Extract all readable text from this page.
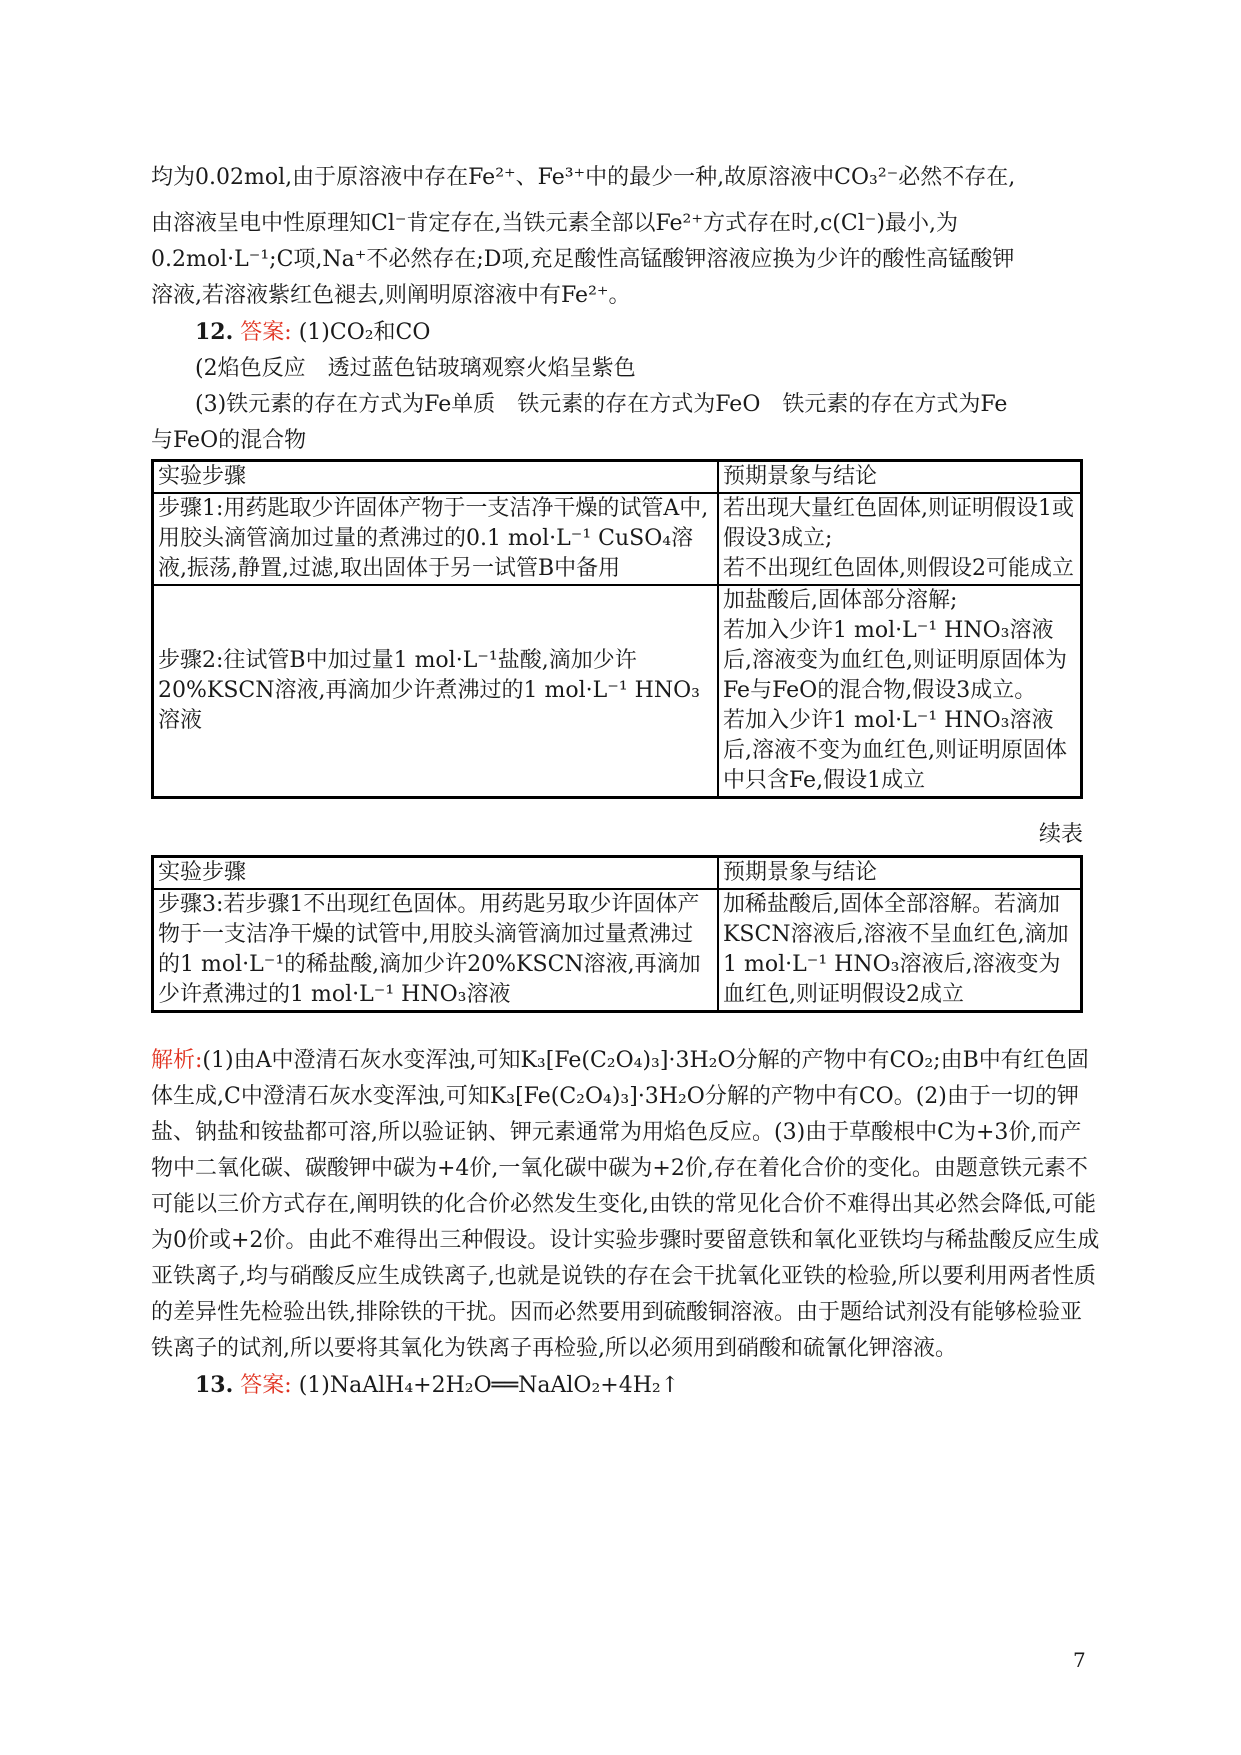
均为0.02mol,由于原溶液中存在Fe²⁺、Fe³⁺中的最少一种,故原溶液中CO₃²⁻必然不存在,

由溶液呈电中性原理知Cl⁻肯定存在,当铁元素全部以Fe²⁺方式存在时,c(Cl⁻)最小,为

0.2mol·L⁻¹;C项,Na⁺不必然存在;D项,充足酸性高锰酸钾溶液应换为少许的酸性高锰酸钾

溶液,若溶液紫红色褪去,则阐明原溶液中有Fe²⁺。

12. 答案: (1)CO₂和CO

(2焰色反应　透过蓝色钴玻璃观察火焰呈紫色

(3)铁元素的存在方式为Fe单质　铁元素的存在方式为FeO　铁元素的存在方式为Fe

与FeO的混合物

实验步骤	预期景象与结论
步骤1:用药匙取少许固体产物于一支洁净干燥的试管A中,用胶头滴管滴加过量的煮沸过的0.1 mol·L⁻¹ CuSO₄溶液,振荡,静置,过滤,取出固体于另一试管B中备用	若出现大量红色固体,则证明假设1或假设3成立;
若不出现红色固体,则假设2可能成立

步骤2:往试管B中加过量1 mol·L⁻¹盐酸,滴加少许20%KSCN溶液,再滴加少许煮沸过的1 mol·L⁻¹ HNO₃溶液	加盐酸后,固体部分溶解;
若加入少许1 mol·L⁻¹ HNO₃溶液后,溶液变为血红色,则证明原固体为Fe与FeO的混合物,假设3成立。
若加入少许1 mol·L⁻¹ HNO₃溶液后,溶液不变为血红色,则证明原固体中只含Fe,假设1成立
续表
实验步骤	预期景象与结论
步骤3:若步骤1不出现红色固体。用药匙另取少许固体产物于一支洁净干燥的试管中,用胶头滴管滴加过量煮沸过的1 mol·L⁻¹的稀盐酸,滴加少许20%KSCN溶液,再滴加少许煮沸过的1 mol·L⁻¹ HNO₃溶液	加稀盐酸后,固体全部溶解。若滴加KSCN溶液后,溶液不呈血红色,滴加1 mol·L⁻¹ HNO₃溶液后,溶液变为血红色,则证明假设2成立

解析:(1)由A中澄清石灰水变浑浊,可知K₃[Fe(C₂O₄)₃]·3H₂O分解的产物中有CO₂;由B中有红色固体生成,C中澄清石灰水变浑浊,可知K₃[Fe(C₂O₄)₃]·3H₂O分解的产物中有CO。(2)由于一切的钾盐、钠盐和铵盐都可溶,所以验证钠、钾元素通常为用焰色反应。(3)由于草酸根中C为+3价,而产物中二氧化碳、碳酸钾中碳为+4价,一氧化碳中碳为+2价,存在着化合价的变化。由题意铁元素不可能以三价方式存在,阐明铁的化合价必然发生变化,由铁的常见化合价不难得出其必然会降低,可能为0价或+2价。由此不难得出三种假设。设计实验步骤时要留意铁和氧化亚铁均与稀盐酸反应生成亚铁离子,均与硝酸反应生成铁离子,也就是说铁的存在会干扰氧化亚铁的检验,所以要利用两者性质的差异性先检验出铁,排除铁的干扰。因而必然要用到硫酸铜溶液。由于题给试剂没有能够检验亚铁离子的试剂,所以要将其氧化为铁离子再检验,所以必须用到硝酸和硫氰化钾溶液。

13. 答案: (1)NaAlH₄+2H₂O══NaAlO₂+4H₂↑

7
